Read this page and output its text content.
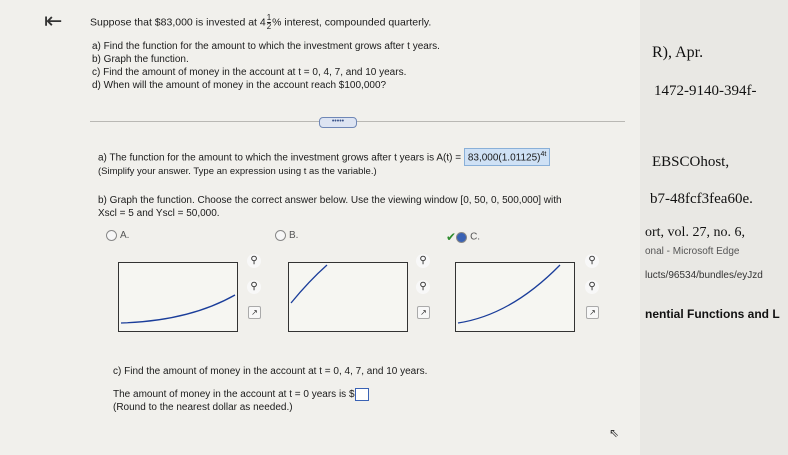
⇤	Suppose that $83,000 is invested at $4 \frac{1}{2}$ % interest, compounded quarterly.
a) Find the function for the amount to which the investment grows after t years.
b) Graph the function.
c) Find the amount of money in the account at t = 0, 4, 7, and 10 years.
d) When will the amount of money in the account reach $100,000?
•••••
a) The function for the amount to which the investment grows after t years is $A(t) = 83,000(1.01125)^{4t}$
(Simplify your answer. Type an expression using t as the variable.)
b) Graph the function. Choose the correct answer below. Use the viewing window [0, 50, 0, 500,000] with
Xscl = 5 and Yscl = 50,000.
A.	B.	✔ C.
⚲
⚲
↗
⚲
⚲
↗
⚲
⚲
↗
c) Find the amount of money in the account at t = 0, 4, 7, and 10 years.
The amount of money in the account at t = 0 years is $
(Round to the nearest dollar as needed.)
⇖
R), Apr.
1472-9140-394f-
EBSCOhost,
b7-48fcf3fea60e.
ort, vol. 27, no. 6,
onal - Microsoft Edge
lucts/96534/bundles/eyJzd
nential Functions and L
